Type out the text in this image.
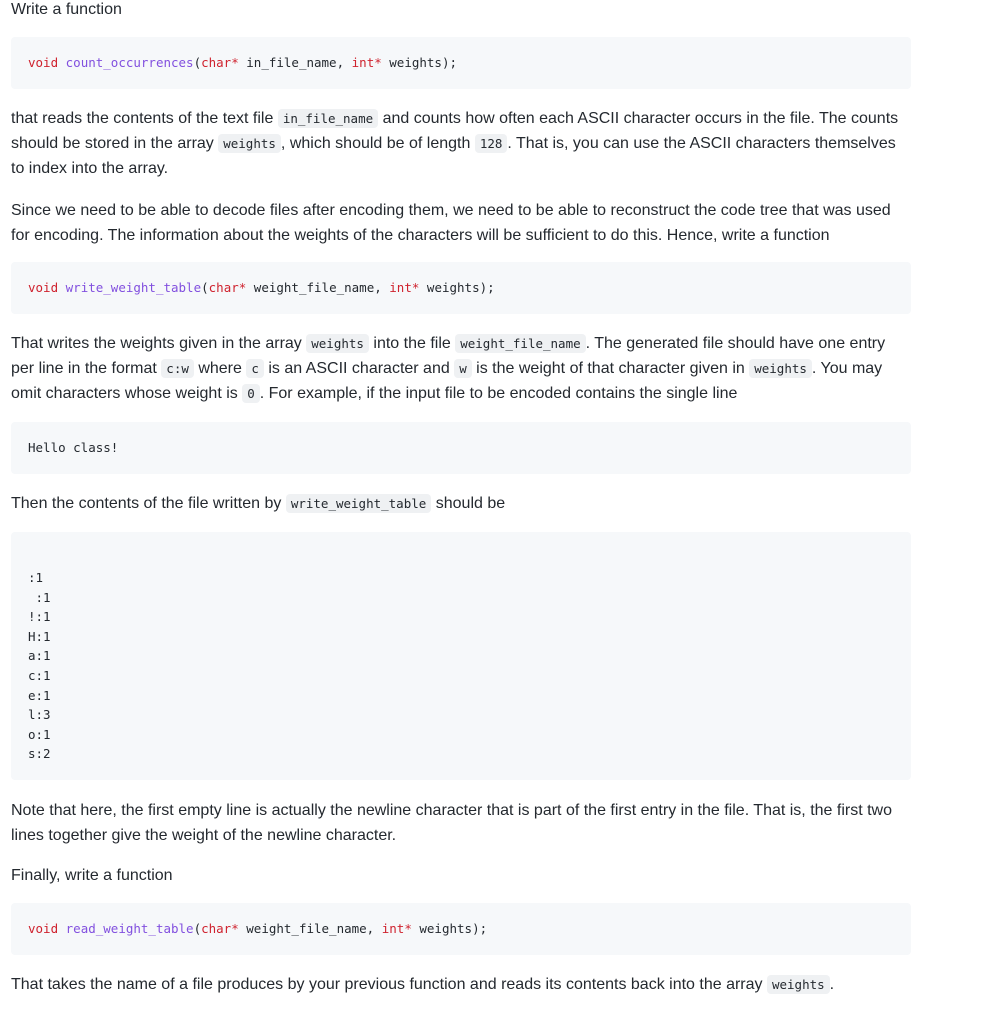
Write a function

void count_occurrences(char* in_file_name, int* weights);

that reads the contents of the text file in_file_name and counts how often each ASCII character occurs in the file. The counts should be stored in the array weights , which should be of length 128 . That is, you can use the ASCII characters themselves to index into the array.

Since we need to be able to decode files after encoding them, we need to be able to reconstruct the code tree that was used for encoding. The information about the weights of the characters will be sufficient to do this. Hence, write a function

void write_weight_table(char* weight_file_name, int* weights);

That writes the weights given in the array weights into the file weight_file_name . The generated file should have one entry per line in the format c:w where c is an ASCII character and w is the weight of that character given in weights . You may omit characters whose weight is 0 . For example, if the input file to be encoded contains the single line

Hello class!

Then the contents of the file written by write_weight_table should be

:1
:1
!:1
H:1
a:1
c:1
e:1
l:3
o:1
s:2

Note that here, the first empty line is actually the newline character that is part of the first entry in the file. That is, the first two lines together give the weight of the newline character.

Finally, write a function

void read_weight_table(char* weight_file_name, int* weights);

That takes the name of a file produces by your previous function and reads its contents back into the array weights .
